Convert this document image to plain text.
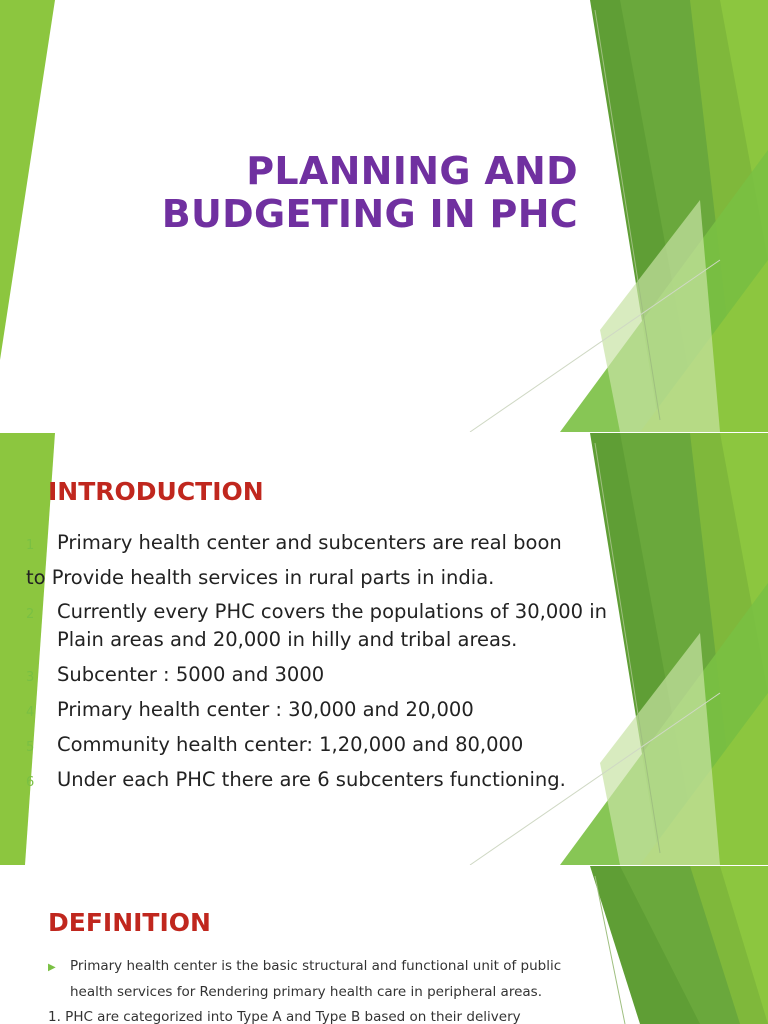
PLANNING AND
BUDGETING IN PHC
INTRODUCTION
1 Primary health center and subcenters are real boon
to Provide health services in rural parts in india.
2 Currently every PHC covers the populations of 30,000 in
Plain areas and 20,000 in hilly and tribal areas.
3 Subcenter : 5000 and 3000
4 Primary health center : 30,000 and 20,000
5 Community health center: 1,20,000 and 80,000
6 Under each PHC there are 6 subcenters functioning.
DEFINITION
▶ Primary health center is the basic structural and functional unit of public
health services for Rendering primary health care in peripheral areas.
1. PHC are categorized into Type A and Type B based on their delivery
